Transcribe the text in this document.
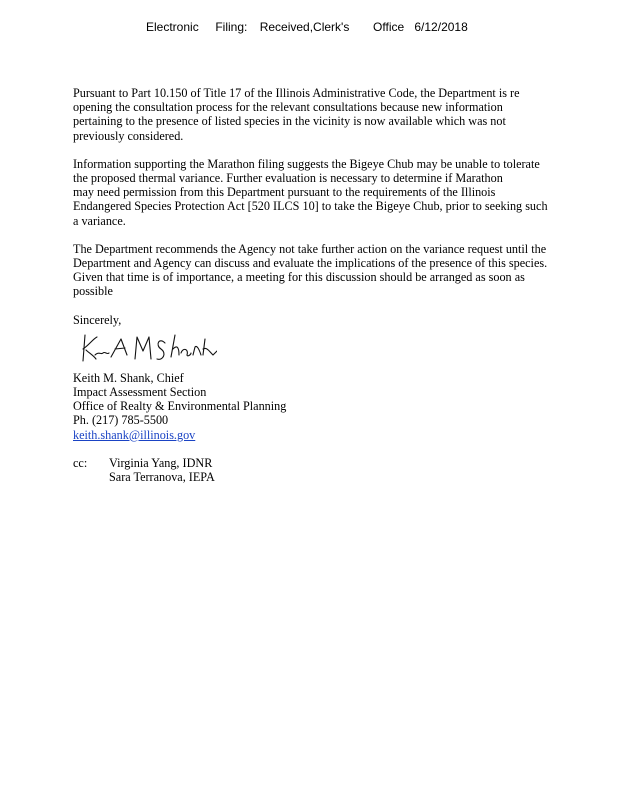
Electronic Filing: Received,Clerk's Office 6/12/2018

Pursuant to Part 10.150 of Title 17 of the Illinois Administrative Code, the Department is re
opening the consultation process for the relevant consultations because new information
pertaining to the presence of listed species in the vicinity is now available which was not
previously considered.

Information supporting the Marathon filing suggests the Bigeye Chub may be unable to tolerate
the proposed thermal variance. Further evaluation is necessary to determine if Marathon
may need permission from this Department pursuant to the requirements of the Illinois
Endangered Species Protection Act [520 ILCS 10] to take the Bigeye Chub, prior to seeking such
a variance.

The Department recommends the Agency not take further action on the variance request until the
Department and Agency can discuss and evaluate the implications of the presence of this species.
Given that time is of importance, a meeting for this discussion should be arranged as soon as
possible

Sincerely,
Keith M. Shank, Chief
Impact Assessment Section
Office of Realty & Environmental Planning
Ph. (217) 785-5500
keith.shank@illinois.gov
cc: Virginia Yang, IDNR
Sara Terranova, IEPA
